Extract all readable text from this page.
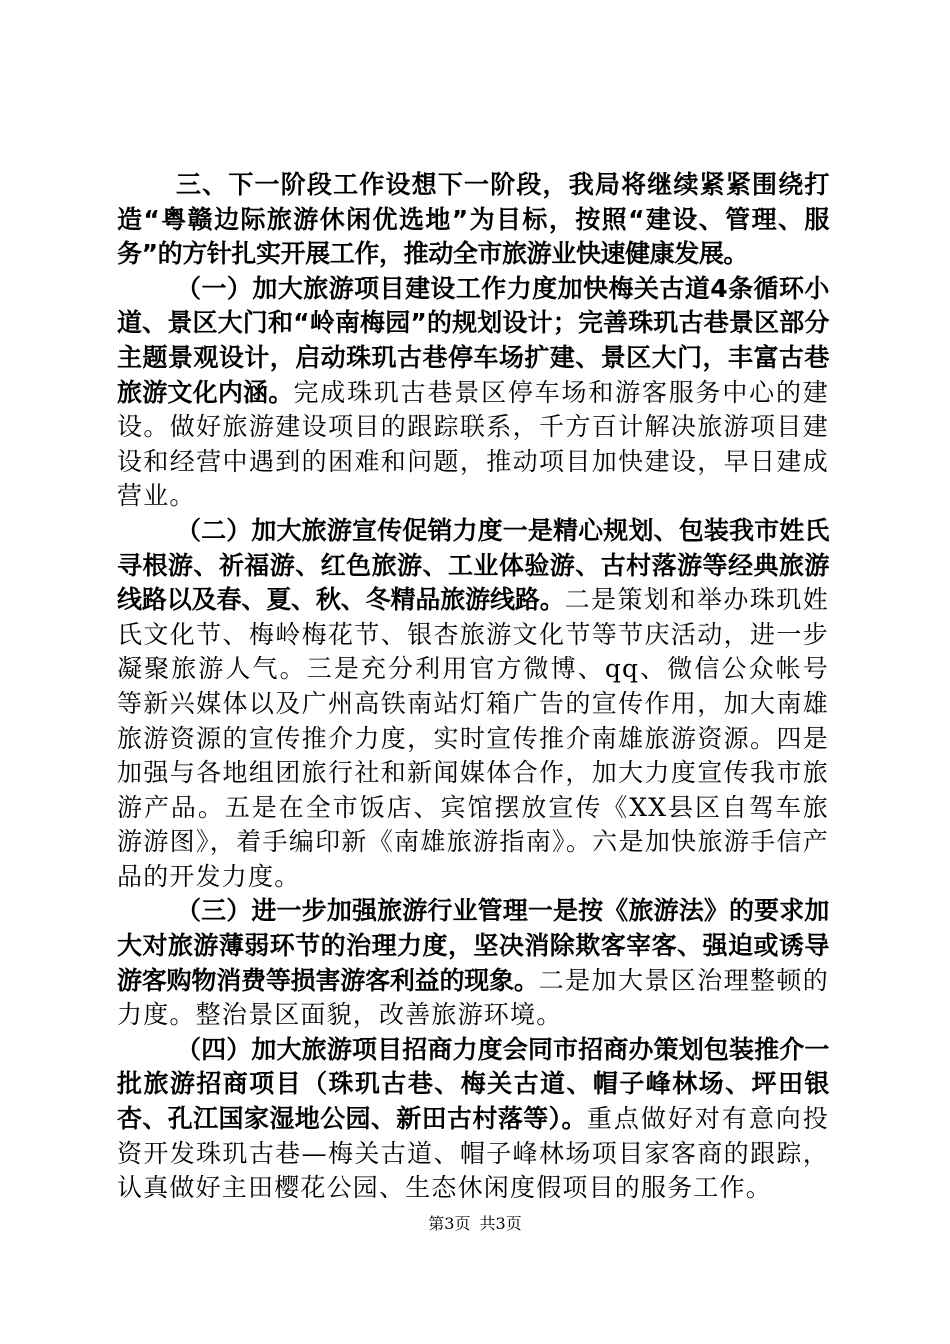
三、下一阶段工作设想下一阶段，我局将继续紧紧围绕打造“粤赣边际旅游休闲优选地”为目标，按照“建设、管理、服务”的方针扎实开展工作，推动全市旅游业快速健康发展。

（一）加大旅游项目建设工作力度加快梅关古道4条循环小道、景区大门和“岭南梅园”的规划设计；完善珠玑古巷景区部分主题景观设计，启动珠玑古巷停车场扩建、景区大门，丰富古巷旅游文化内涵。完成珠玑古巷景区停车场和游客服务中心的建设。做好旅游建设项目的跟踪联系，千方百计解决旅游项目建设和经营中遇到的困难和问题，推动项目加快建设，早日建成营业。

（二）加大旅游宣传促销力度一是精心规划、包装我市姓氏寻根游、祈福游、红色旅游、工业体验游、古村落游等经典旅游线路以及春、夏、秋、冬精品旅游线路。二是策划和举办珠玑姓氏文化节、梅岭梅花节、银杏旅游文化节等节庆活动，进一步凝聚旅游人气。三是充分利用官方微博、qq、微信公众帐号等新兴媒体以及广州高铁南站灯箱广告的宣传作用，加大南雄旅游资源的宣传推介力度，实时宣传推介南雄旅游资源。四是加强与各地组团旅行社和新闻媒体合作，加大力度宣传我市旅游产品。五是在全市饭店、宾馆摆放宣传《XX县区自驾车旅游游图》，着手编印新《南雄旅游指南》。六是加快旅游手信产品的开发力度。

（三）进一步加强旅游行业管理一是按《旅游法》的要求加大对旅游薄弱环节的治理力度，坚决消除欺客宰客、强迫或诱导游客购物消费等损害游客利益的现象。二是加大景区治理整顿的力度。整治景区面貌，改善旅游环境。

（四）加大旅游项目招商力度会同市招商办策划包装推介一批旅游招商项目（珠玑古巷、梅关古道、帽子峰林场、坪田银杏、孔江国家湿地公园、新田古村落等）。重点做好对有意向投资开发珠玑古巷—梅关古道、帽子峰林场项目家客商的跟踪，认真做好主田樱花公园、生态休闲度假项目的服务工作。

第3页 共3页
